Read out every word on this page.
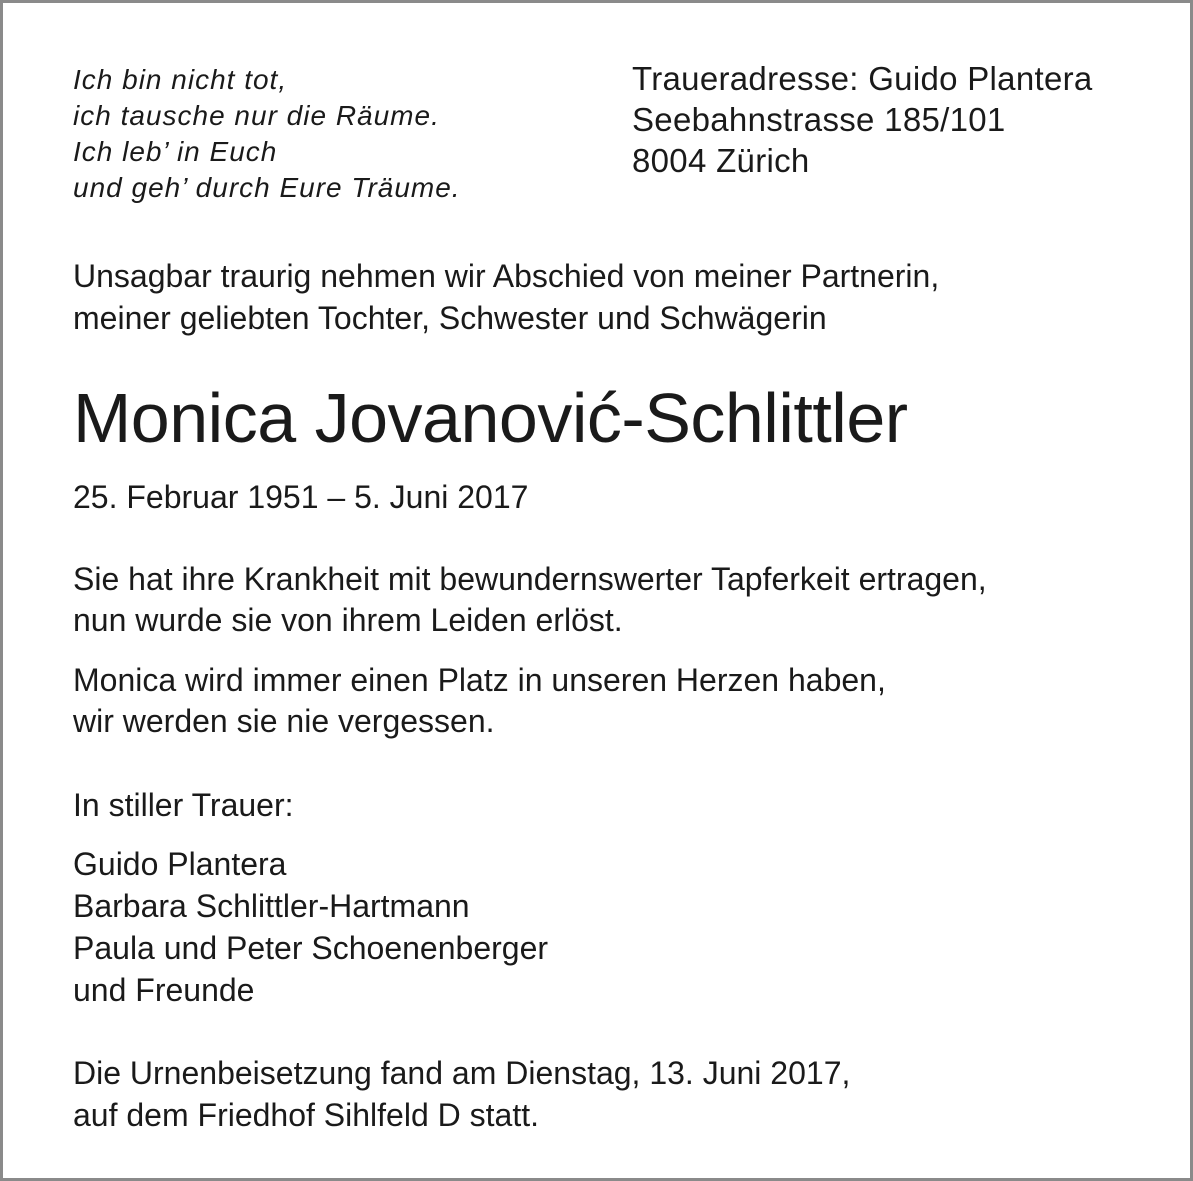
Ich bin nicht tot,
ich tausche nur die Räume.
Ich leb’ in Euch
und geh’ durch Eure Träume.

Traueradresse: Guido Plantera
Seebahnstrasse 185/101
8004 Zürich

Unsagbar traurig nehmen wir Abschied von meiner Partnerin,
meiner geliebten Tochter, Schwester und Schwägerin

Monica Jovanović-Schlittler

25. Februar 1951 – 5. Juni 2017

Sie hat ihre Krankheit mit bewundernswerter Tapferkeit ertragen,
nun wurde sie von ihrem Leiden erlöst.

Monica wird immer einen Platz in unseren Herzen haben,
wir werden sie nie vergessen.

In stiller Trauer:

Guido Plantera
Barbara Schlittler-Hartmann
Paula und Peter Schoenenberger
und Freunde

Die Urnenbeisetzung fand am Dienstag, 13. Juni 2017,
auf dem Friedhof Sihlfeld D statt.
